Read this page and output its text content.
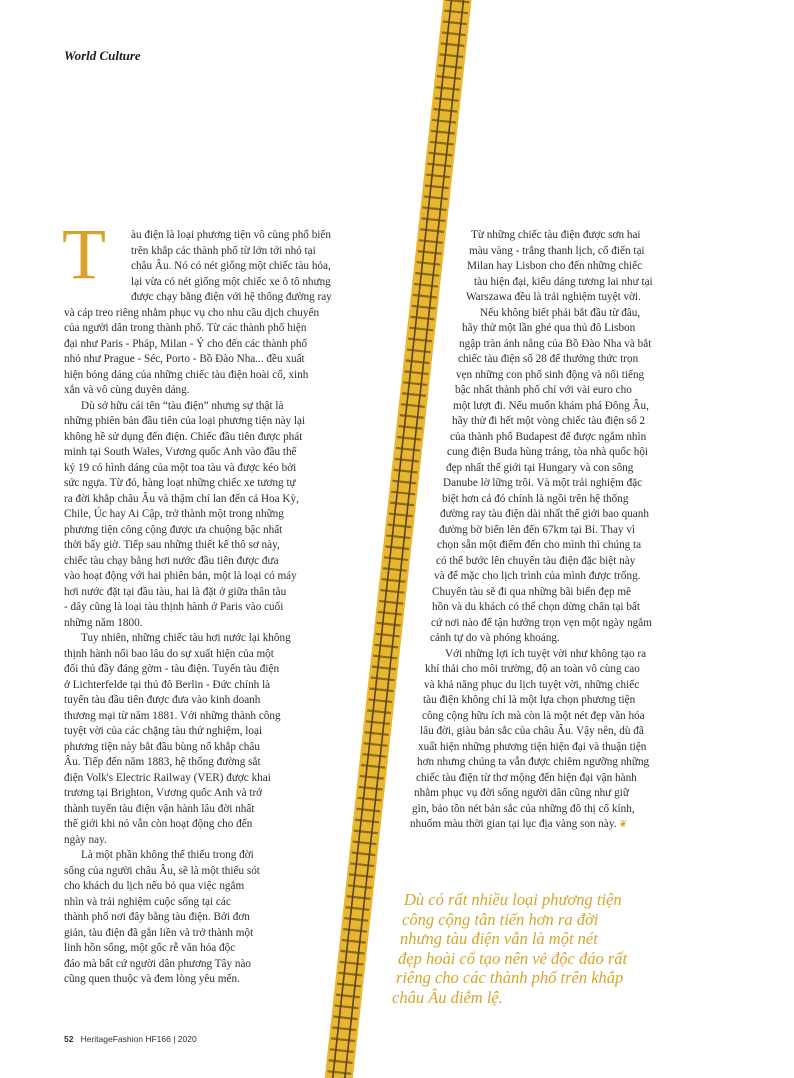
World Culture
T àu điện là loại phương tiện vô cùng phổ biến
trên khắp các thành phố từ lớn tới nhỏ tại
châu Âu. Nó có nét giống một chiếc tàu hỏa,
lại vừa có nét giống một chiếc xe ô tô nhưng
được chạy bằng điện với hệ thống đường ray
và cáp treo riêng nhằm phục vụ cho nhu cầu dịch chuyển
của người dân trong thành phố. Từ các thành phố hiện
đại như Paris - Pháp, Milan - Ý cho đến các thành phố
nhỏ như Prague - Séc, Porto - Bồ Đào Nha... đều xuất
hiện bóng dáng của những chiếc tàu điện hoài cổ, xinh
xắn và vô cùng duyên dáng.
Dù sở hữu cái tên “tàu điện” nhưng sự thật là
những phiên bản đầu tiên của loại phương tiện này lại
không hề sử dụng đến điện. Chiếc đầu tiên được phát
minh tại South Wales, Vương quốc Anh vào đầu thế
kỷ 19 có hình dáng của một toa tàu và được kéo bởi
sức ngựa. Từ đó, hàng loạt những chiếc xe tương tự
ra đời khắp châu Âu và thậm chí lan đến cả Hoa Kỳ,
Chile, Úc hay Ai Cập, trở thành một trong những
phương tiện công cộng được ưa chuộng bậc nhất
thời bấy giờ. Tiếp sau những thiết kế thô sơ này,
chiếc tàu chạy bằng hơi nước đầu tiên được đưa
vào hoạt động với hai phiên bản, một là loại có máy
hơi nước đặt tại đầu tàu, hai là đặt ở giữa thân tàu
- dây cũng là loại tàu thịnh hành ở Paris vào cuối
những năm 1800.
Tuy nhiên, những chiếc tàu hơi nước lại không
thịnh hành nổi bao lâu do sự xuất hiện của một
đối thủ đầy đáng gờm - tàu điện. Tuyến tàu điện
ở Lichterfelde tại thủ đô Berlin - Đức chính là
tuyến tàu đầu tiên được đưa vào kinh doanh
thương mại từ năm 1881. Với những thành công
tuyệt vời của các chặng tàu thử nghiệm, loại
phương tiện này bắt đầu bùng nổ khắp châu
Âu. Tiếp đến năm 1883, hệ thống đường sắt
điện Volk's Electric Railway (VER) được khai
trương tại Brighton, Vương quốc Anh và trở
thành tuyến tàu điện vận hành lâu đời nhất
thế giới khi nó vẫn còn hoạt động cho đến
ngày nay.
Là một phần không thể thiếu trong đời
sống của người châu Âu, sẽ là một thiếu sót
cho khách du lịch nếu bỏ qua việc ngắm
nhìn và trải nghiệm cuộc sống tại các
thành phố nơi đây bằng tàu điện. Bởi đơn
giản, tàu điện đã gắn liền và trở thành một
linh hồn sống, một gốc rễ văn hóa độc
đáo mà bất cứ người dân phương Tây nào
cũng quen thuộc và đem lòng yêu mến.
Từ những chiếc tàu điện được sơn hai
màu vàng - trắng thanh lịch, cổ điển tại
Milan hay Lisbon cho đến những chiếc
tàu hiện đại, kiểu dáng tương lai như tại
Warszawa đều là trải nghiệm tuyệt vời.
Nếu không biết phải bắt đầu từ đâu,
hãy thử một lần ghé qua thủ đô Lisbon
ngập tràn ánh nắng của Bồ Đào Nha và bắt
chiếc tàu điện số 28 để thưởng thức trọn
vẹn những con phố sinh động và nổi tiếng
bậc nhất thành phố chỉ với vài euro cho
một lượt đi. Nếu muốn khám phá Đông Âu,
hãy thử đi hết một vòng chiếc tàu điện số 2
của thành phố Budapest để được ngắm nhìn
cung điện Buda hùng tráng, tòa nhà quốc hội
đẹp nhất thế giới tại Hungary và con sông
Danube lờ lững trôi. Và một trải nghiệm đặc
biệt hơn cả đó chính là ngồi trên hệ thống
đường ray tàu điện dài nhất thế giới bao quanh
đường bờ biển lên đến 67km tại Bỉ. Thay vì
chọn sẵn một điểm đến cho mình thì chúng ta
có thể bước lên chuyến tàu điện đặc biệt này
và để mặc cho lịch trình của mình được trống.
Chuyến tàu sẽ đi qua những bãi biển đẹp mê
hồn và du khách có thể chọn dừng chân tại bất
cứ nơi nào để tận hưởng trọn vẹn một ngày ngắm
cảnh tự do và phóng khoáng.
Với những lợi ích tuyệt vời như không tạo ra
khí thải cho môi trường, độ an toàn vô cùng cao
và khả năng phục du lịch tuyệt vời, những chiếc
tàu điện không chỉ là một lựa chọn phương tiện
công cộng hữu ích mà còn là một nét đẹp văn hóa
lâu đời, giàu bản sắc của châu Âu. Vậy nên, dù đã
xuất hiện những phương tiện hiện đại và thuận tiện
hơn nhưng chúng ta vẫn được chiêm ngưỡng những
chiếc tàu điện từ thơ mộng đến hiện đại vận hành
nhằm phục vụ đời sống người dân cũng như giữ
gìn, bảo tồn nét bản sắc của những đô thị cổ kính,
nhuốm màu thời gian tại lục địa vàng son này. ❦
Dù có rất nhiều loại phương tiện
công cộng tân tiến hơn ra đời
nhưng tàu điện vẫn là một nét
đẹp hoài cổ tạo nên vẻ độc đáo rất
riêng cho các thành phố trên khắp
châu Âu diễm lệ.
52 HeritageFashion HF166 | 2020
